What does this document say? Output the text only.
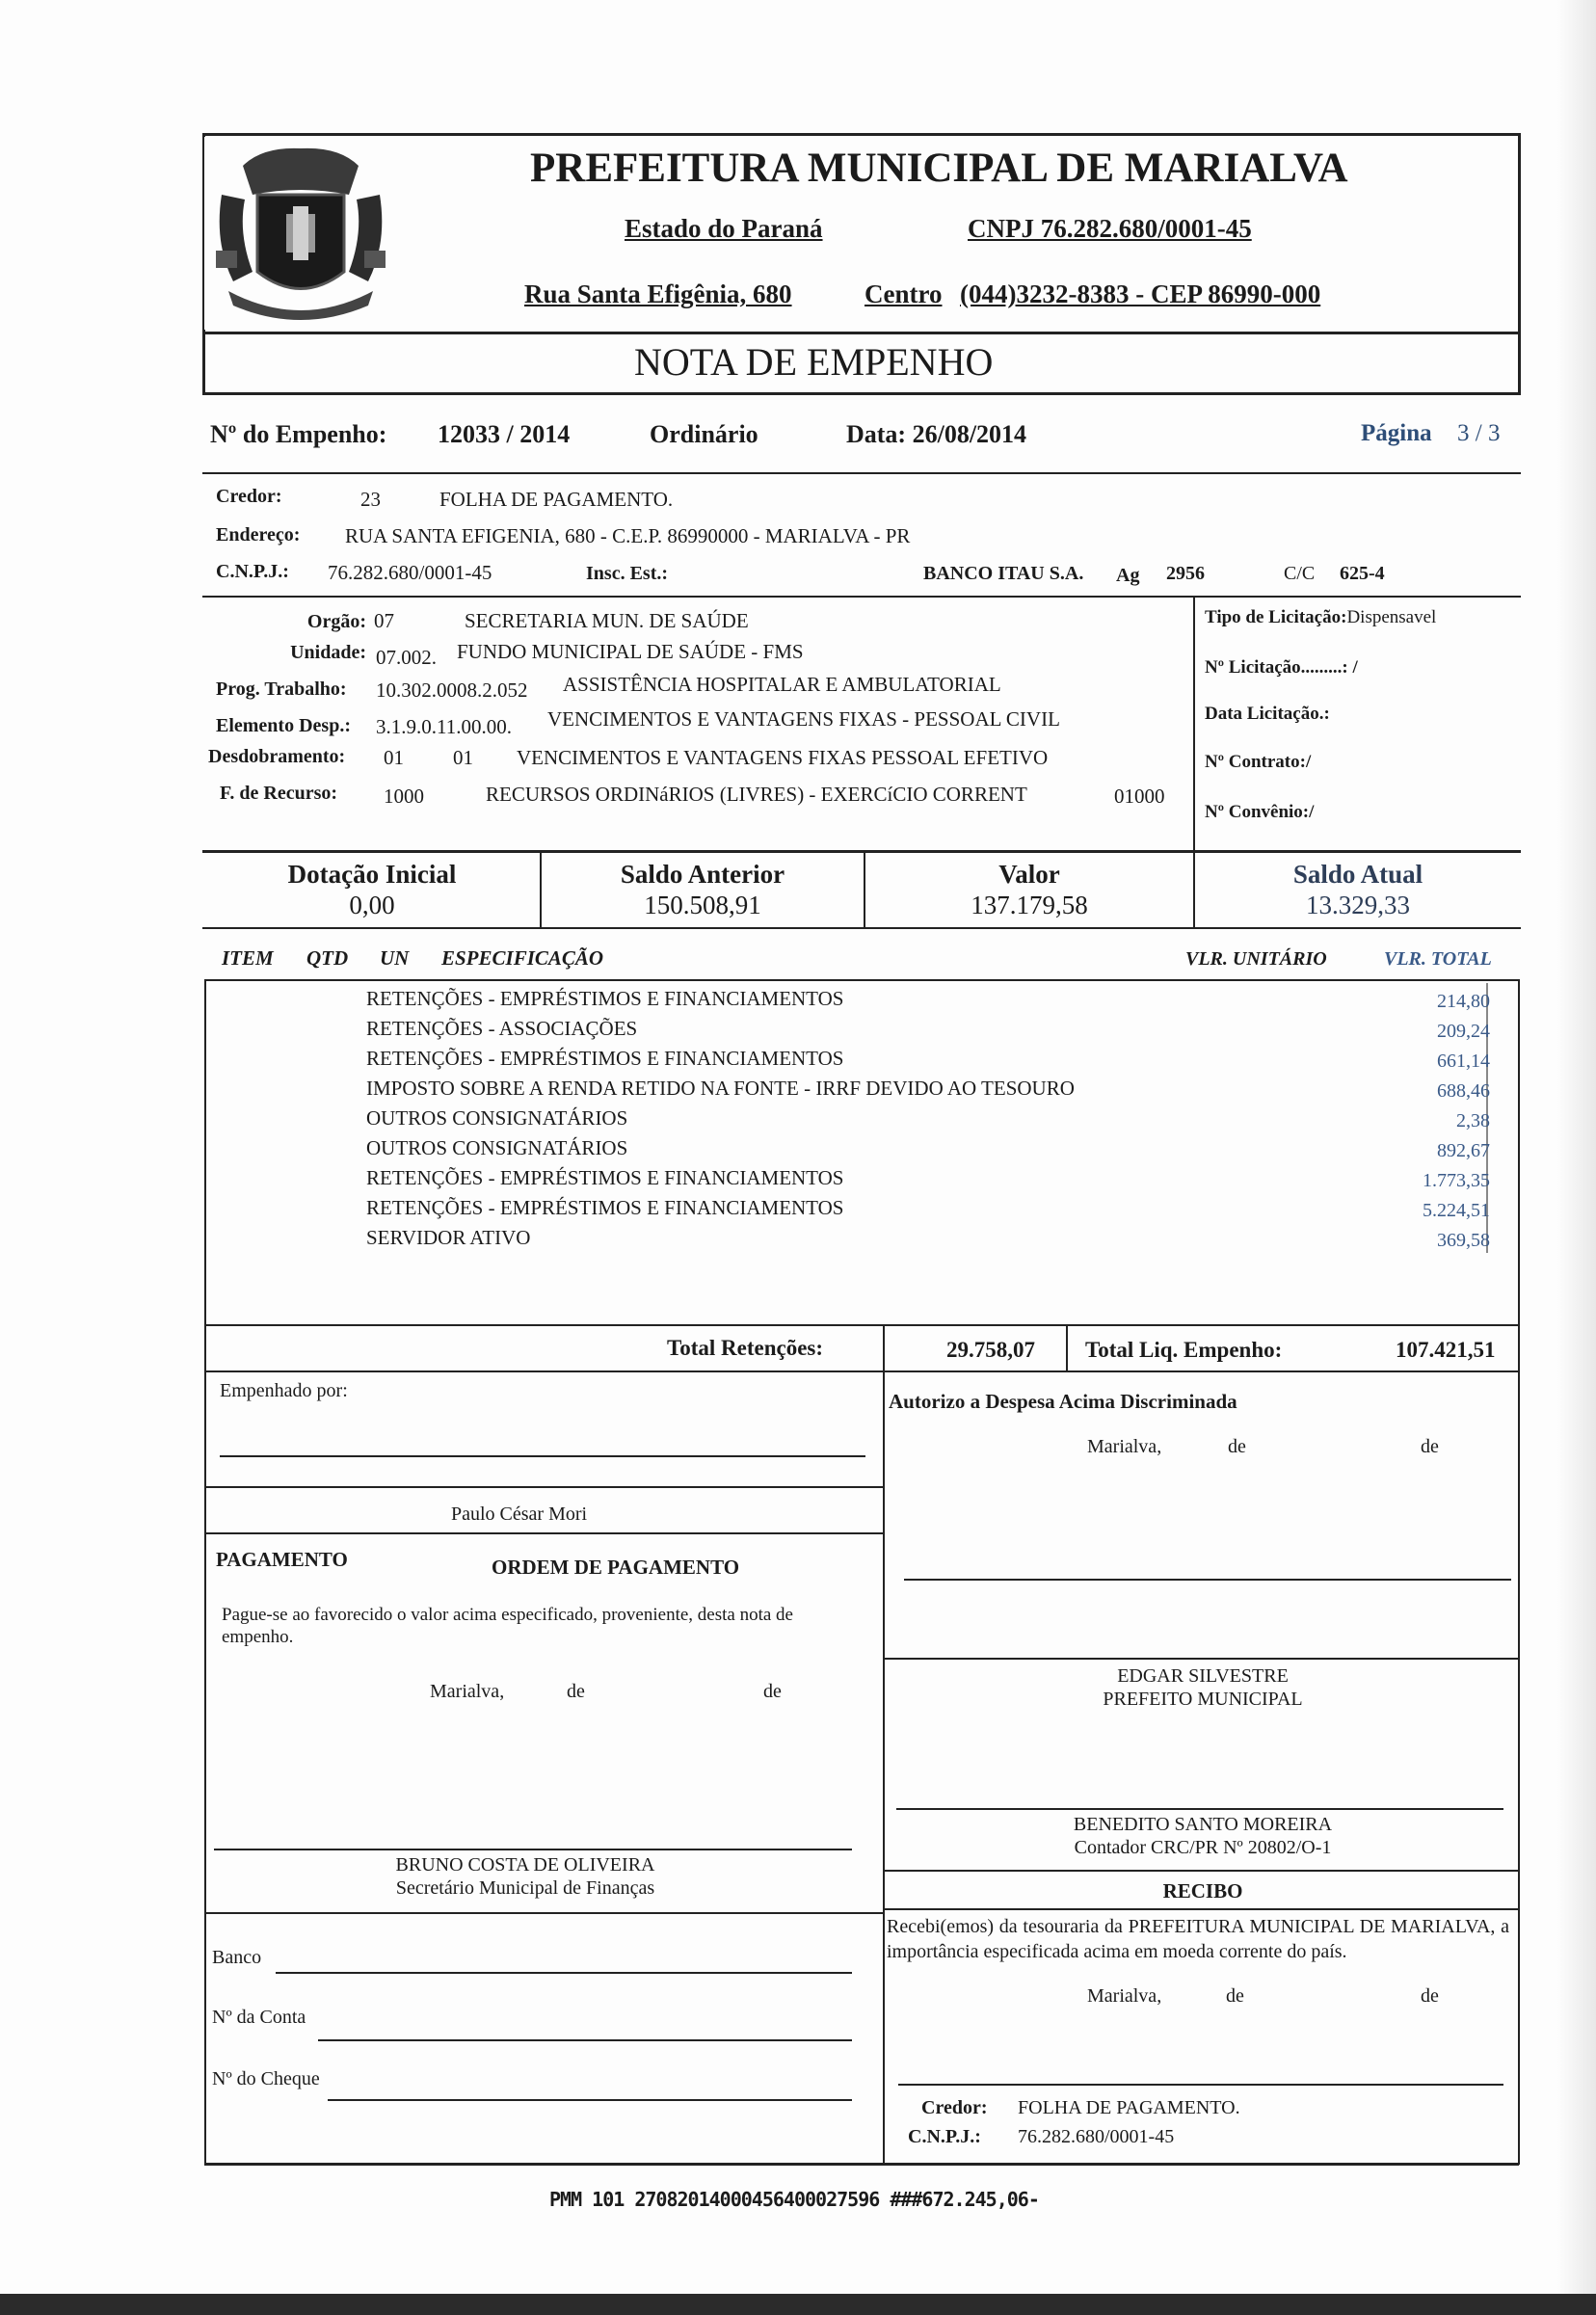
PREFEITURA MUNICIPAL DE MARIALVA
Estado do Paraná	CNPJ 76.282.680/0001-45
Rua Santa Efigênia, 680	Centro (044)3232-8383 - CEP 86990-000
NOTA DE EMPENHO
Nº do Empenho: 12033 / 2014	Ordinário	Data: 26/08/2014	Página 3 / 3
Credor:	23	FOLHA DE PAGAMENTO.
Endereço: RUA SANTA EFIGENIA, 680 - C.E.P. 86990000 - MARIALVA - PR
C.N.P.J.: 76.282.680/0001-45	Insc. Est.:	BANCO ITAU S.A. Ag 2956	C/C 625-4
Orgão: 07	SECRETARIA MUN. DE SAÚDE
Unidade: 07.002. FUNDO MUNICIPAL DE SAÚDE - FMS
Prog. Trabalho: 10.302.0008.2.052 ASSISTÊNCIA HOSPITALAR E AMBULATORIAL
Elemento Desp.: 3.1.9.0.11.00.00. VENCIMENTOS E VANTAGENS FIXAS - PESSOAL CIVIL
Desdobramento: 01 01 VENCIMENTOS E VANTAGENS FIXAS PESSOAL EFETIVO
F. de Recurso: 1000	RECURSOS ORDINáRIOS (LIVRES) - EXERCíCIO CORRENT	01000
Tipo de Licitação:Dispensavel
Nº Licitação.........: /
Data Licitação.:
Nº Contrato:/
Nº Convênio:/
Dotação Inicial
0,00
Saldo Anterior
150.508,91
Valor
137.179,58
Saldo Atual
13.329,33
ITEM QTD UN ESPECIFICAÇÃO	VLR. UNITÁRIO	VLR. TOTAL
RETENÇÕES - EMPRÉSTIMOS E FINANCIAMENTOS	214,80
RETENÇÕES - ASSOCIAÇÕES	209,24
RETENÇÕES - EMPRÉSTIMOS E FINANCIAMENTOS	661,14
IMPOSTO SOBRE A RENDA RETIDO NA FONTE - IRRF DEVIDO AO TESOURO	688,46
OUTROS CONSIGNATÁRIOS	2,38
OUTROS CONSIGNATÁRIOS	892,67
RETENÇÕES - EMPRÉSTIMOS E FINANCIAMENTOS	1.773,35
RETENÇÕES - EMPRÉSTIMOS E FINANCIAMENTOS	5.224,51
SERVIDOR ATIVO	369,58
Total Retenções:	29.758,07 Total Liq. Empenho:	107.421,51
Empenhado por:
Paulo César Mori
Autorizo a Despesa Acima Discriminada
Marialva,	de	de
PAGAMENTO	ORDEM DE PAGAMENTO
Pague-se ao favorecido o valor acima especificado, proveniente, desta nota de empenho.
Marialva,	de	de
BRUNO COSTA DE OLIVEIRA
Secretário Municipal de Finanças
EDGAR SILVESTRE
PREFEITO MUNICIPAL
BENEDITO SANTO MOREIRA
Contador CRC/PR Nº 20802/O-1
Banco
Nº da Conta
Nº do Cheque
RECIBO
Recebi(emos) da tesouraria da PREFEITURA MUNICIPAL DE MARIALVA, a importância especificada acima em moeda corrente do país.
Marialva,	de	de
Credor: FOLHA DE PAGAMENTO.
C.N.P.J.: 76.282.680/0001-45
PMM 101 27082014000456400027596 ###672.245,06-
